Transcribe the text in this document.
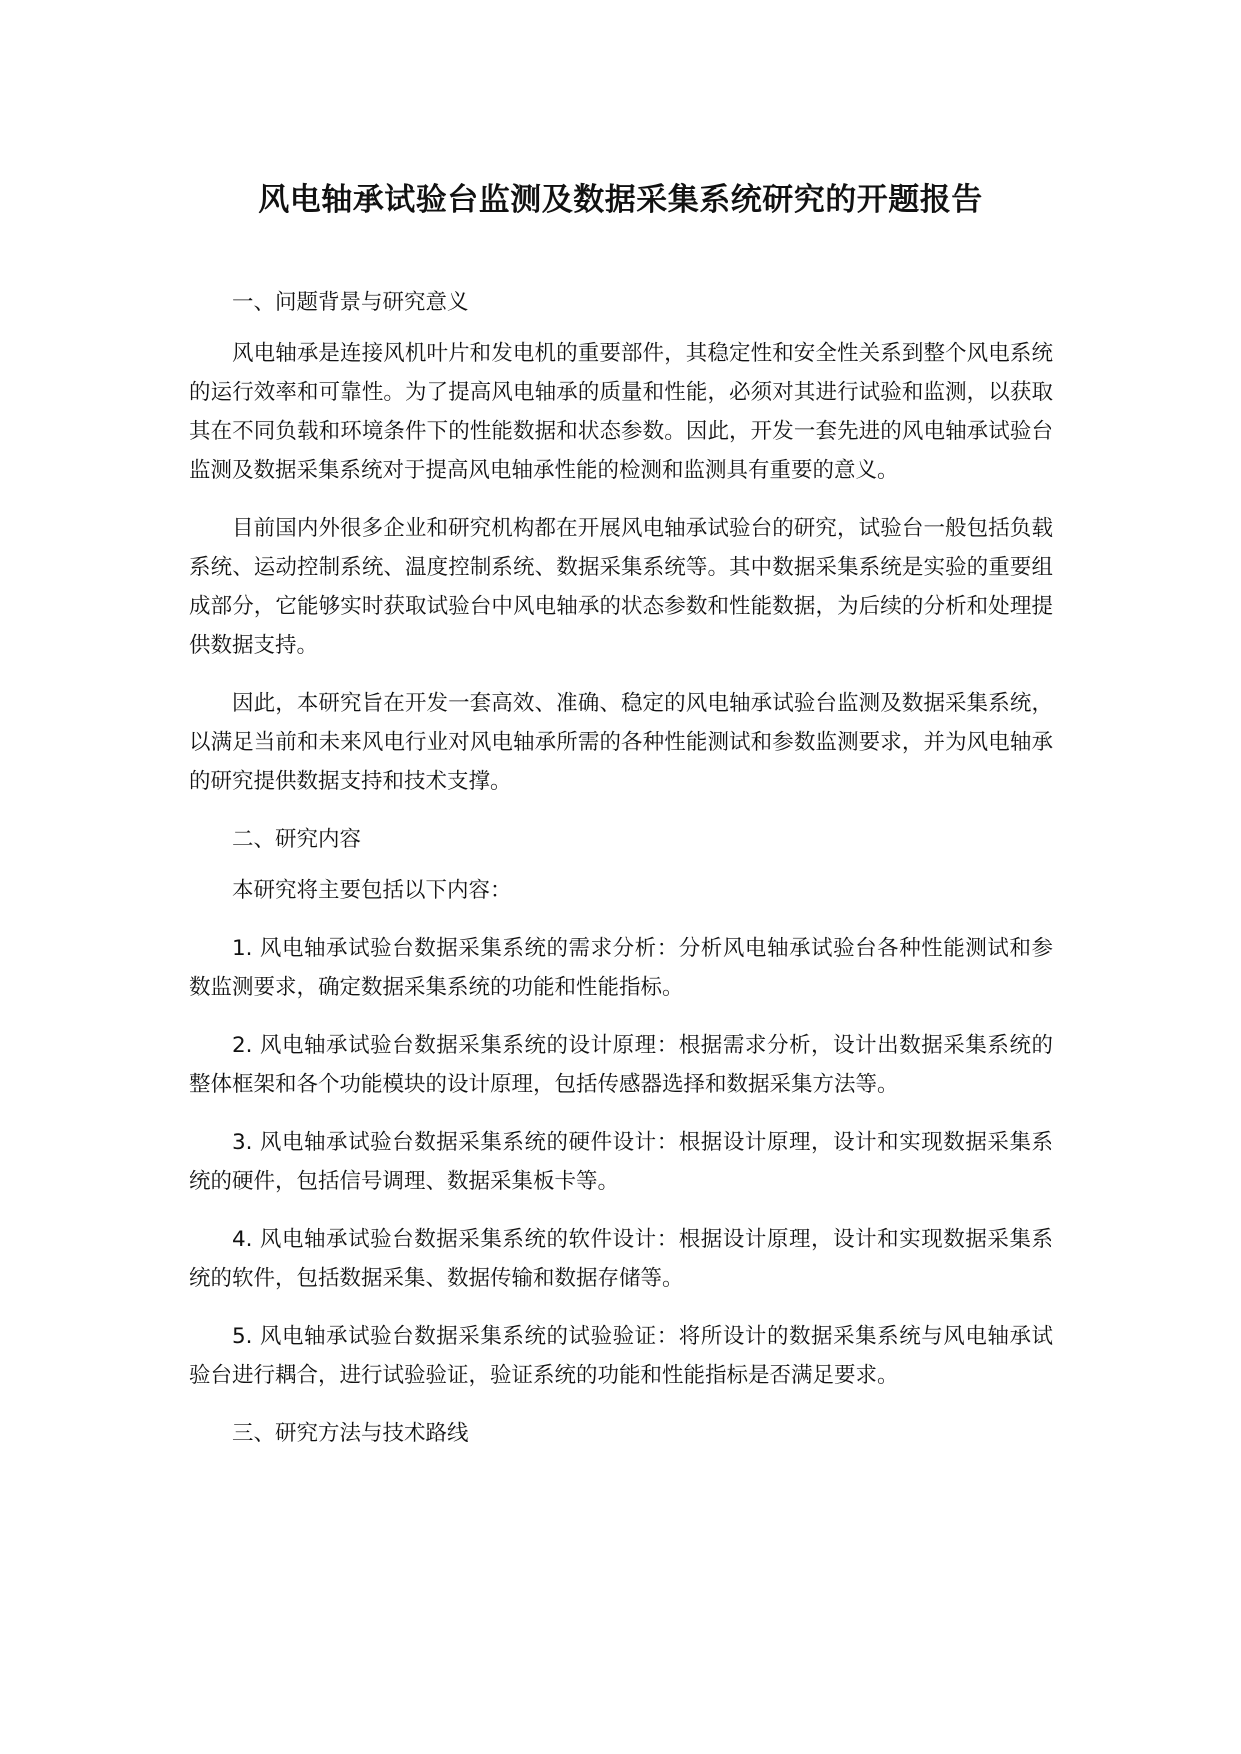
风电轴承试验台监测及数据采集系统研究的开题报告

一、问题背景与研究意义

风电轴承是连接风机叶片和发电机的重要部件，其稳定性和安全性关系到整个风电系统的运行效率和可靠性。为了提高风电轴承的质量和性能，必须对其进行试验和监测，以获取其在不同负载和环境条件下的性能数据和状态参数。因此，开发一套先进的风电轴承试验台监测及数据采集系统对于提高风电轴承性能的检测和监测具有重要的意义。

目前国内外很多企业和研究机构都在开展风电轴承试验台的研究，试验台一般包括负载系统、运动控制系统、温度控制系统、数据采集系统等。其中数据采集系统是实验的重要组成部分，它能够实时获取试验台中风电轴承的状态参数和性能数据，为后续的分析和处理提供数据支持。

因此，本研究旨在开发一套高效、准确、稳定的风电轴承试验台监测及数据采集系统，以满足当前和未来风电行业对风电轴承所需的各种性能测试和参数监测要求，并为风电轴承的研究提供数据支持和技术支撑。

二、研究内容

本研究将主要包括以下内容：

1. 风电轴承试验台数据采集系统的需求分析：分析风电轴承试验台各种性能测试和参数监测要求，确定数据采集系统的功能和性能指标。

2. 风电轴承试验台数据采集系统的设计原理：根据需求分析，设计出数据采集系统的整体框架和各个功能模块的设计原理，包括传感器选择和数据采集方法等。

3. 风电轴承试验台数据采集系统的硬件设计：根据设计原理，设计和实现数据采集系统的硬件，包括信号调理、数据采集板卡等。

4. 风电轴承试验台数据采集系统的软件设计：根据设计原理，设计和实现数据采集系统的软件，包括数据采集、数据传输和数据存储等。

5. 风电轴承试验台数据采集系统的试验验证：将所设计的数据采集系统与风电轴承试验台进行耦合，进行试验验证，验证系统的功能和性能指标是否满足要求。

三、研究方法与技术路线
